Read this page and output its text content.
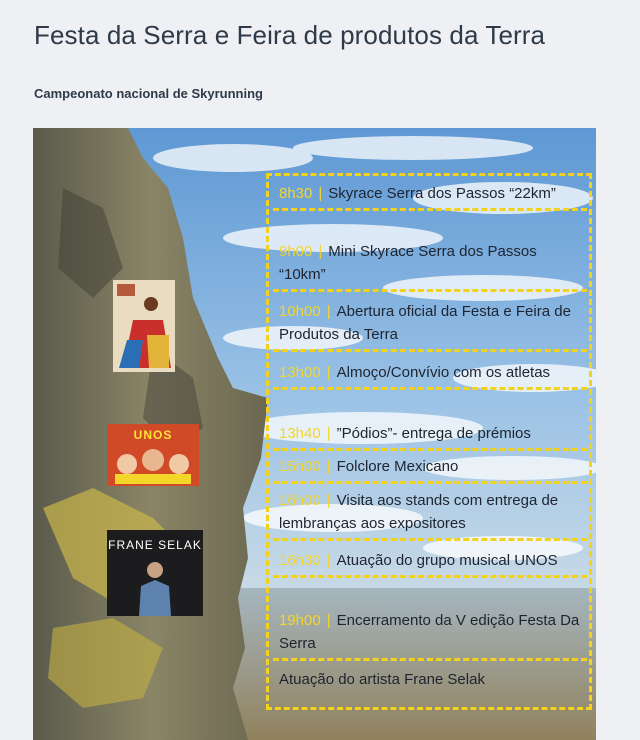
Festa da Serra e Feira de produtos da Terra
Campeonato nacional de Skyrunning
UNOS
FRANE SELAK
8h30 | Skyrace Serra dos Passos “22km”
9h00 | Mini Skyrace Serra dos Passos “10km”
10h00 | Abertura oficial da Festa e Feira de Produtos da Terra
13h00 | Almoço/Convívio com os atletas
13h40 | ”Pódios”- entrega de prémios
15h00 | Folclore Mexicano
16h00 | Visita aos stands com entrega de lembranças aos expositores
16h30 | Atuação do grupo musical UNOS
19h00 | Encerramento da V edição Festa Da Serra
Atuação do artista Frane Selak
